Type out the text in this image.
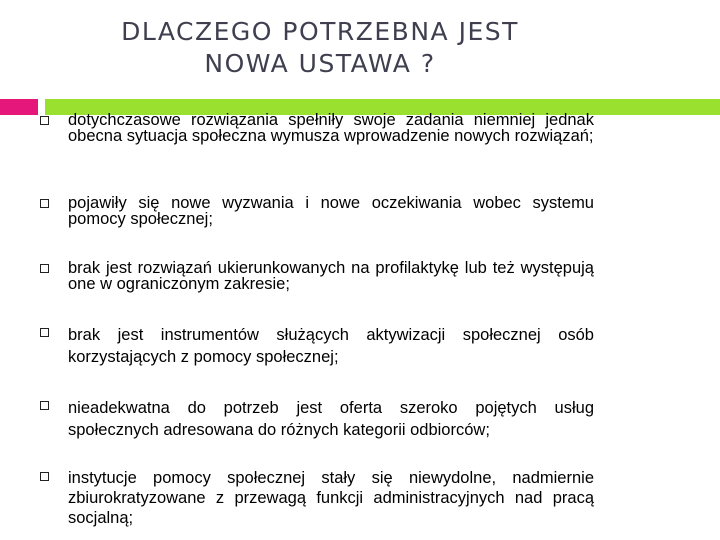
DLACZEGO POTRZEBNA JEST
NOWA USTAWA ?
dotychczasowe rozwiązania spełniły swoje zadania niemniej jednak obecna sytuacja społeczna wymusza wprowadzenie nowych rozwiązań;
pojawiły się nowe wyzwania i nowe oczekiwania wobec systemu pomocy społecznej;
brak jest rozwiązań ukierunkowanych na profilaktykę lub też występują one w ograniczonym zakresie;
brak jest instrumentów służących aktywizacji społecznej osób korzystających z pomocy społecznej;
nieadekwatna do potrzeb jest oferta szeroko pojętych usług społecznych adresowana do różnych kategorii odbiorców;
instytucje pomocy społecznej stały się niewydolne, nadmiernie zbiurokratyzowane z przewagą funkcji administracyjnych nad pracą socjalną;
